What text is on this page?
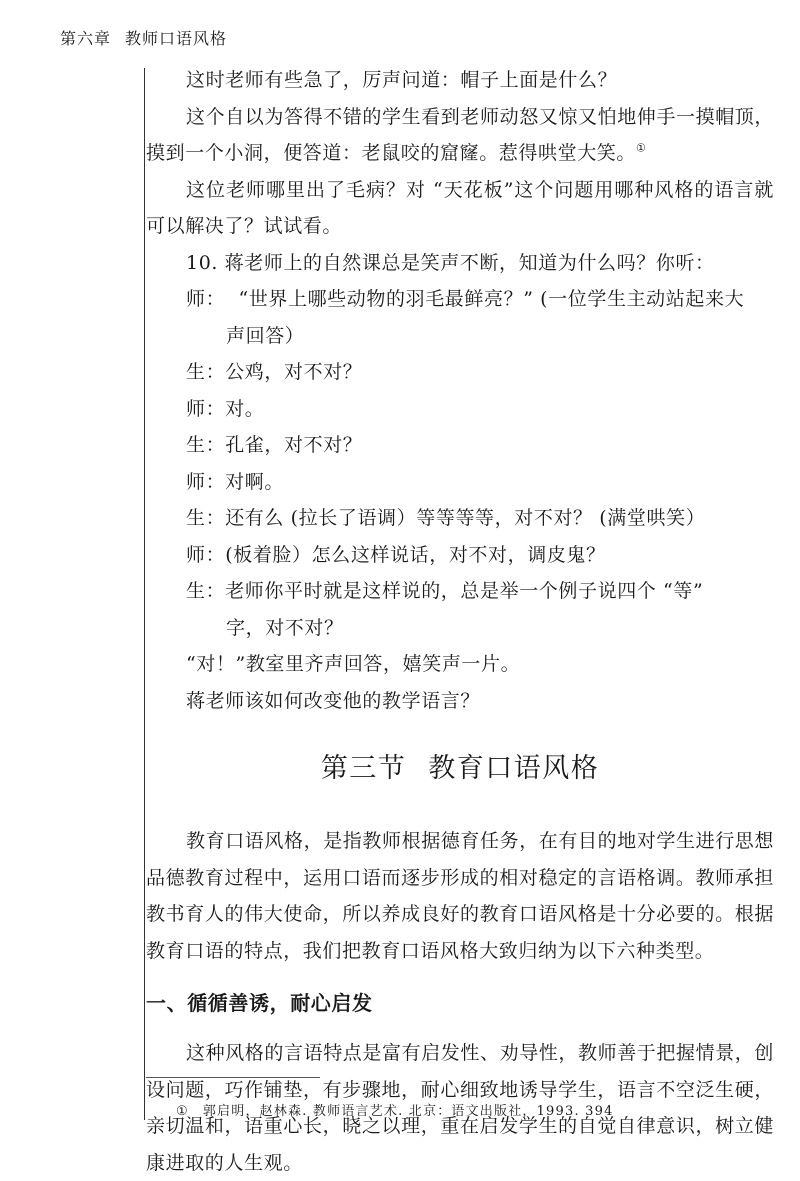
第六章 教师口语风格

这时老师有些急了，厉声问道：帽子上面是什么？

这个自以为答得不错的学生看到老师动怒又惊又怕地伸手一摸帽顶，摸到一个小洞，便答道：老鼠咬的窟窿。惹得哄堂大笑。①

这位老师哪里出了毛病？对 “天花板”这个问题用哪种风格的语言就可以解决了？试试看。

10. 蒋老师上的自然课总是笑声不断，知道为什么吗？你听：

师： “世界上哪些动物的羽毛最鲜亮？” (一位学生主动站起来大

声回答）

生： 公鸡，对不对？
师： 对。
生： 孔雀，对不对？
师： 对啊。
生： 还有么 (拉长了语调）等等等等，对不对？ (满堂哄笑）
师： (板着脸）怎么这样说话，对不对，调皮鬼？
生： 老师你平时就是这样说的，总是举一个例子说四个 “等”

字，对不对？

“对！”教室里齐声回答，嬉笑声一片。

蒋老师该如何改变他的教学语言？

第三节 教育口语风格

教育口语风格，是指教师根据德育任务，在有目的地对学生进行思想品德教育过程中，运用口语而逐步形成的相对稳定的言语格调。教师承担教书育人的伟大使命，所以养成良好的教育口语风格是十分必要的。根据教育口语的特点，我们把教育口语风格大致归纳为以下六种类型。

一、循循善诱，耐心启发

这种风格的言语特点是富有启发性、劝导性，教师善于把握情景，创设问题，巧作铺垫，有步骤地，耐心细致地诱导学生，语言不空泛生硬，亲切温和，语重心长，晓之以理，重在启发学生的自觉自律意识，树立健康进取的人生观。

① 郭启明，赵林森. 教师语言艺术. 北京：语文出版社，1993. 394
